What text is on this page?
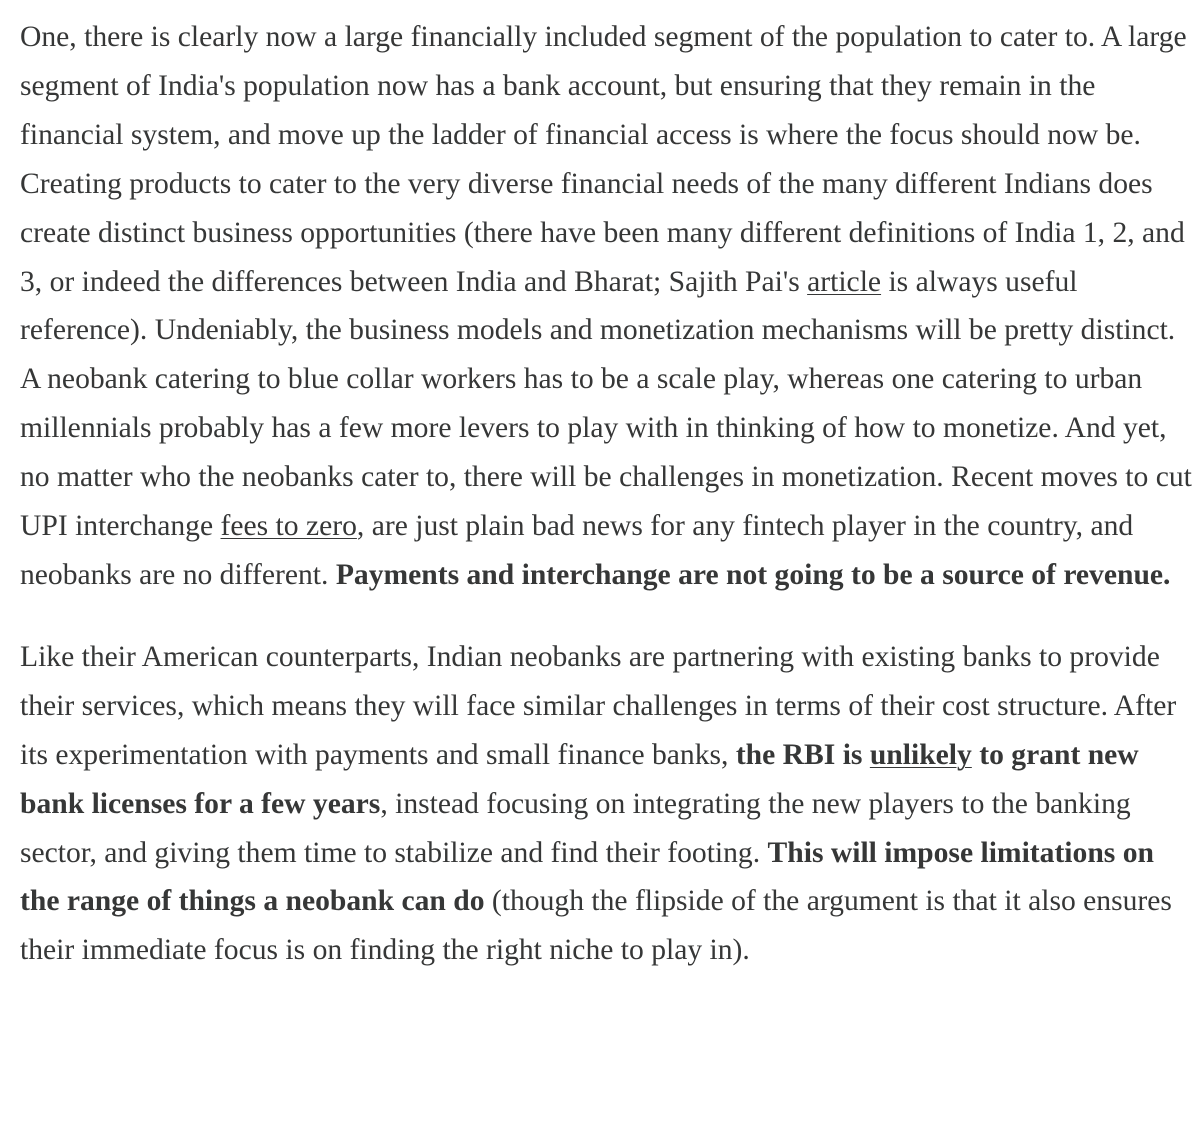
One, there is clearly now a large financially included segment of the population to cater to. A large segment of India's population now has a bank account, but ensuring that they remain in the financial system, and move up the ladder of financial access is where the focus should now be. Creating products to cater to the very diverse financial needs of the many different Indians does create distinct business opportunities (there have been many different definitions of India 1, 2, and 3, or indeed the differences between India and Bharat; Sajith Pai's article is always useful reference). Undeniably, the business models and monetization mechanisms will be pretty distinct. A neobank catering to blue collar workers has to be a scale play, whereas one catering to urban millennials probably has a few more levers to play with in thinking of how to monetize. And yet, no matter who the neobanks cater to, there will be challenges in monetization. Recent moves to cut UPI interchange fees to zero, are just plain bad news for any fintech player in the country, and neobanks are no different. Payments and interchange are not going to be a source of revenue.

Like their American counterparts, Indian neobanks are partnering with existing banks to provide their services, which means they will face similar challenges in terms of their cost structure. After its experimentation with payments and small finance banks, the RBI is unlikely to grant new bank licenses for a few years, instead focusing on integrating the new players to the banking sector, and giving them time to stabilize and find their footing. This will impose limitations on the range of things a neobank can do (though the flipside of the argument is that it also ensures their immediate focus is on finding the right niche to play in).
